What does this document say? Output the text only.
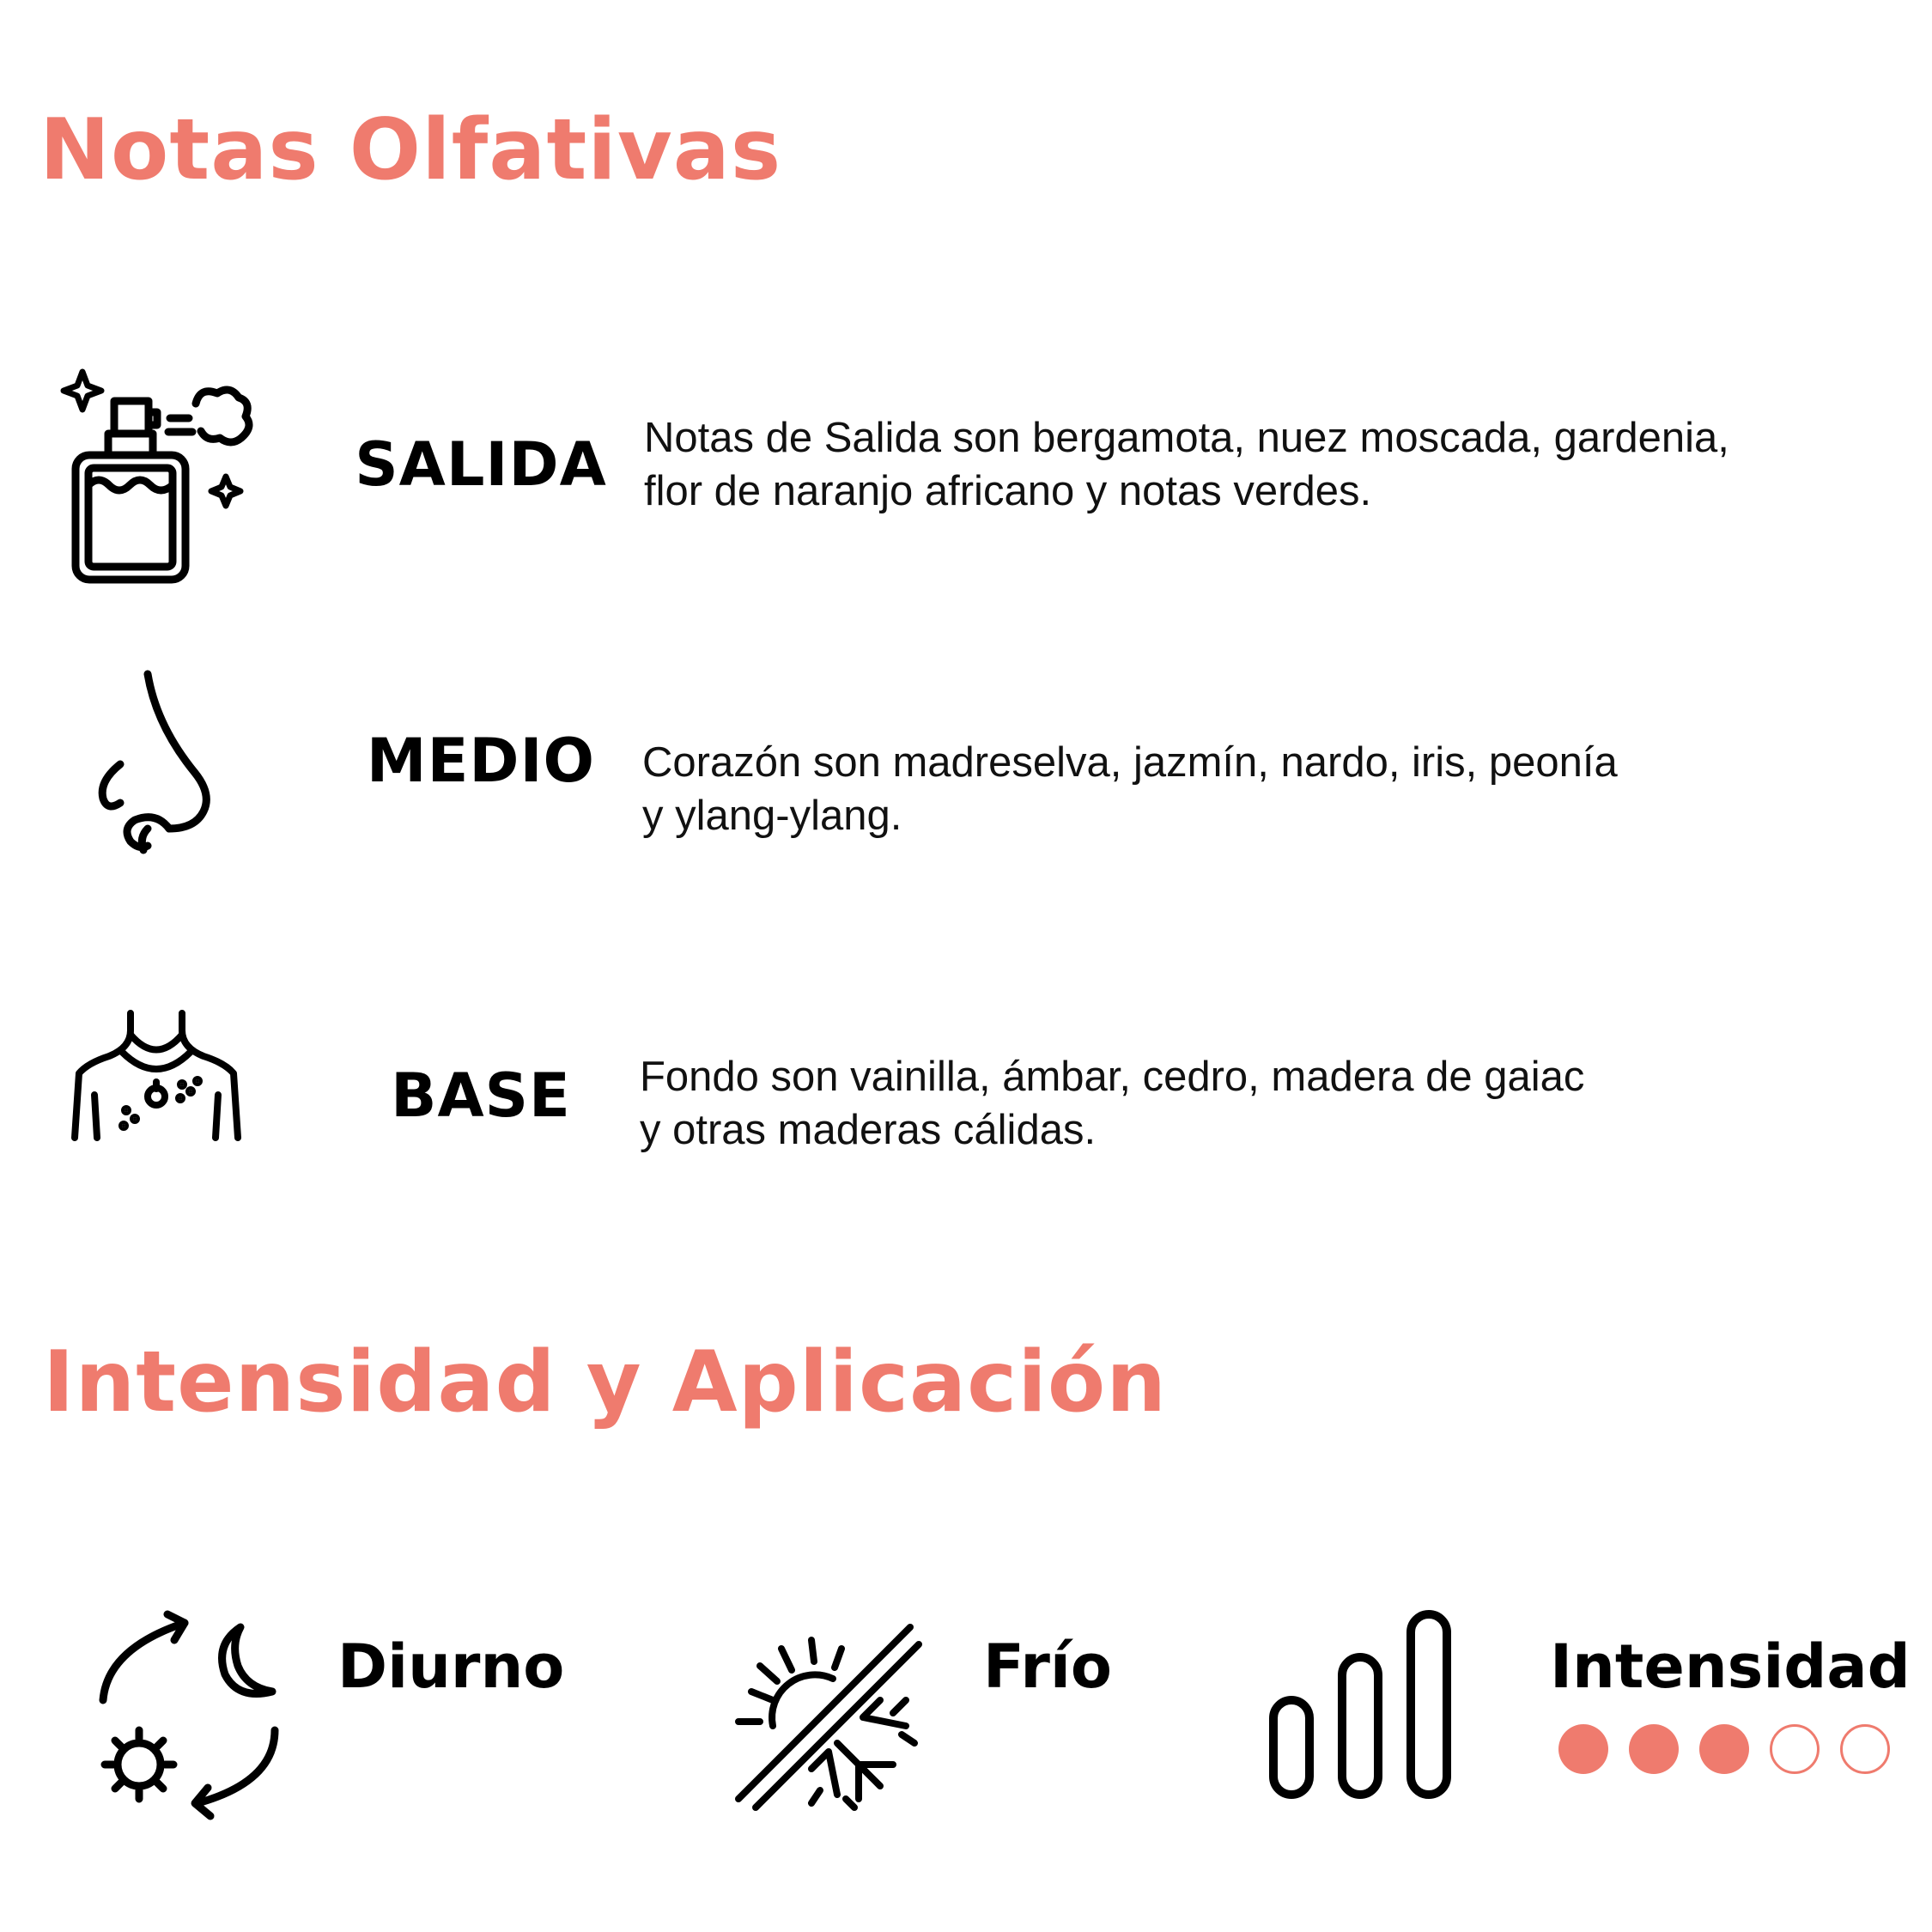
Notas Olfativas
SALIDA Notas de Salida son bergamota, nuez moscada, gardenia,
flor de naranjo africano y notas verdes.
MEDIO	Corazón son madreselva, jazmín, nardo, iris, peonía
y ylang-ylang.
BASE	Fondo son vainilla, ámbar, cedro, madera de gaiac
y otras maderas cálidas.
Intensidad y Aplicación
Diurno	Frío	Intensidad
